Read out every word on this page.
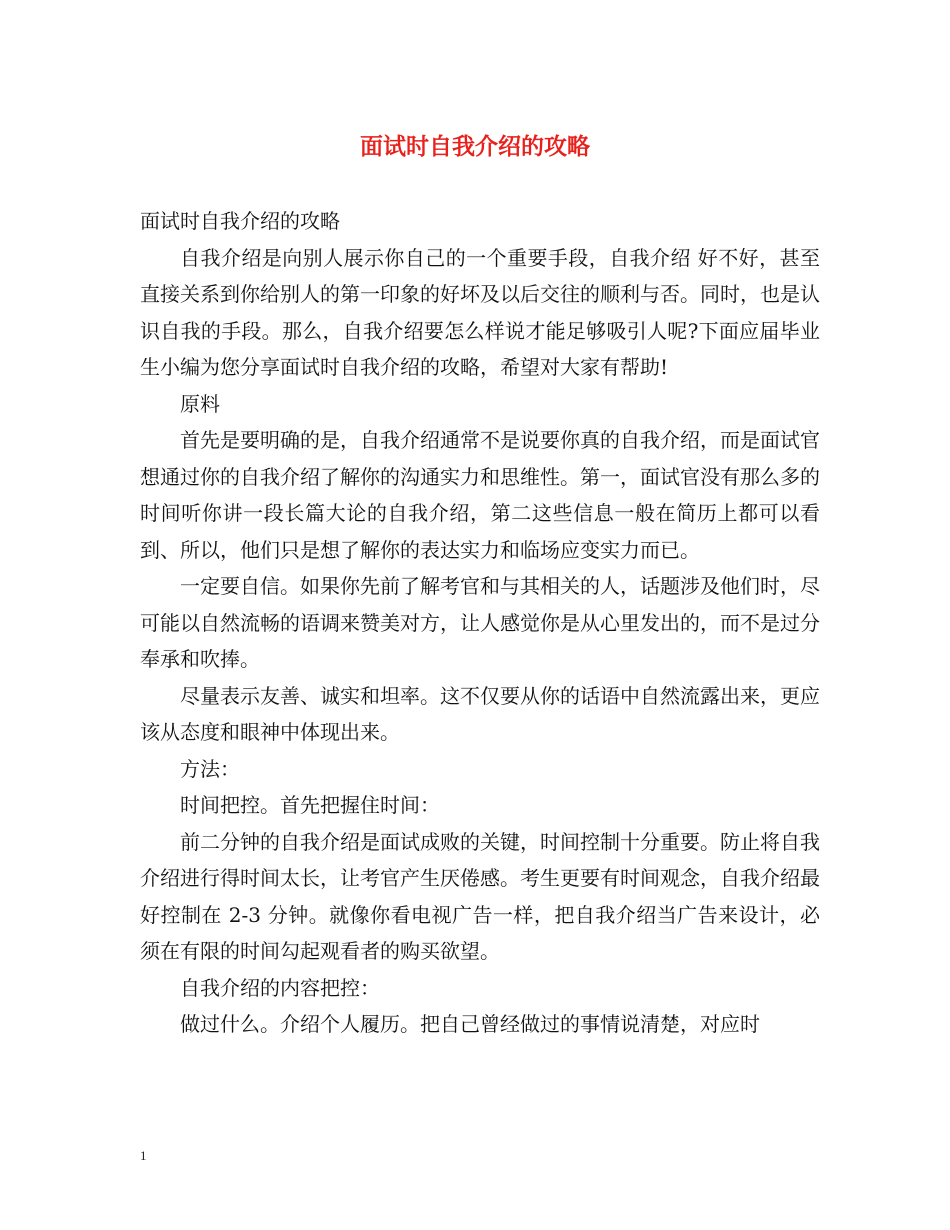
面试时自我介绍的攻略

面试时自我介绍的攻略

自我介绍是向别人展示你自己的一个重要手段，自我介绍 好不好，甚至直接关系到你给别人的第一印象的好坏及以后交往的顺利与否。同时，也是认识自我的手段。那么，自我介绍要怎么样说才能足够吸引人呢?下面应届毕业生小编为您分享面试时自我介绍的攻略，希望对大家有帮助!

原料

首先是要明确的是，自我介绍通常不是说要你真的自我介绍，而是面试官想通过你的自我介绍了解你的沟通实力和思维性。第一，面试官没有那么多的时间听你讲一段长篇大论的自我介绍，第二这些信息一般在简历上都可以看到、所以，他们只是想了解你的表达实力和临场应变实力而已。

一定要自信。如果你先前了解考官和与其相关的人，话题涉及他们时，尽可能以自然流畅的语调来赞美对方，让人感觉你是从心里发出的，而不是过分奉承和吹捧。

尽量表示友善、诚实和坦率。这不仅要从你的话语中自然流露出来，更应该从态度和眼神中体现出来。

方法：

时间把控。首先把握住时间：

前二分钟的自我介绍是面试成败的关键，时间控制十分重要。防止将自我介绍进行得时间太长，让考官产生厌倦感。考生更要有时间观念，自我介绍最好控制在 2-3 分钟。就像你看电视广告一样，把自我介绍当广告来设计，必须在有限的时间勾起观看者的购买欲望。

自我介绍的内容把控：

做过什么。介绍个人履历。把自己曾经做过的事情说清楚，对应时

1
